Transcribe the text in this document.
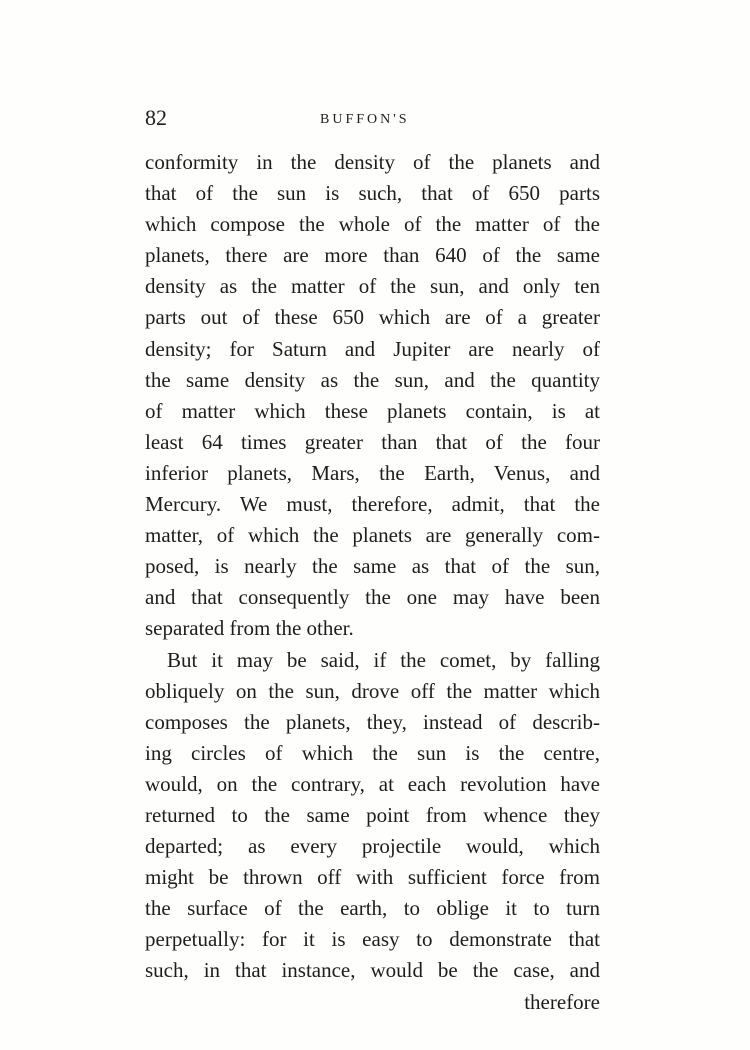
82	BUFFON'S
conformity in the density of the planets and
that of the sun is such, that of 650 parts
which compose the whole of the matter of the
planets, there are more than 640 of the same
density as the matter of the sun, and only ten
parts out of these 650 which are of a greater
density; for Saturn and Jupiter are nearly of
the same density as the sun, and the quantity
of matter which these planets contain, is at
least 64 times greater than that of the four
inferior planets, Mars, the Earth, Venus, and
Mercury. We must, therefore, admit, that the
matter, of which the planets are generally com-
posed, is nearly the same as that of the sun,
and that consequently the one may have been
separated from the other.
But it may be said, if the comet, by falling
obliquely on the sun, drove off the matter which
composes the planets, they, instead of describ-
ing circles of which the sun is the centre,
would, on the contrary, at each revolution have
returned to the same point from whence they
departed; as every projectile would, which
might be thrown off with sufficient force from
the surface of the earth, to oblige it to turn
perpetually: for it is easy to demonstrate that
such, in that instance, would be the case, and
therefore
